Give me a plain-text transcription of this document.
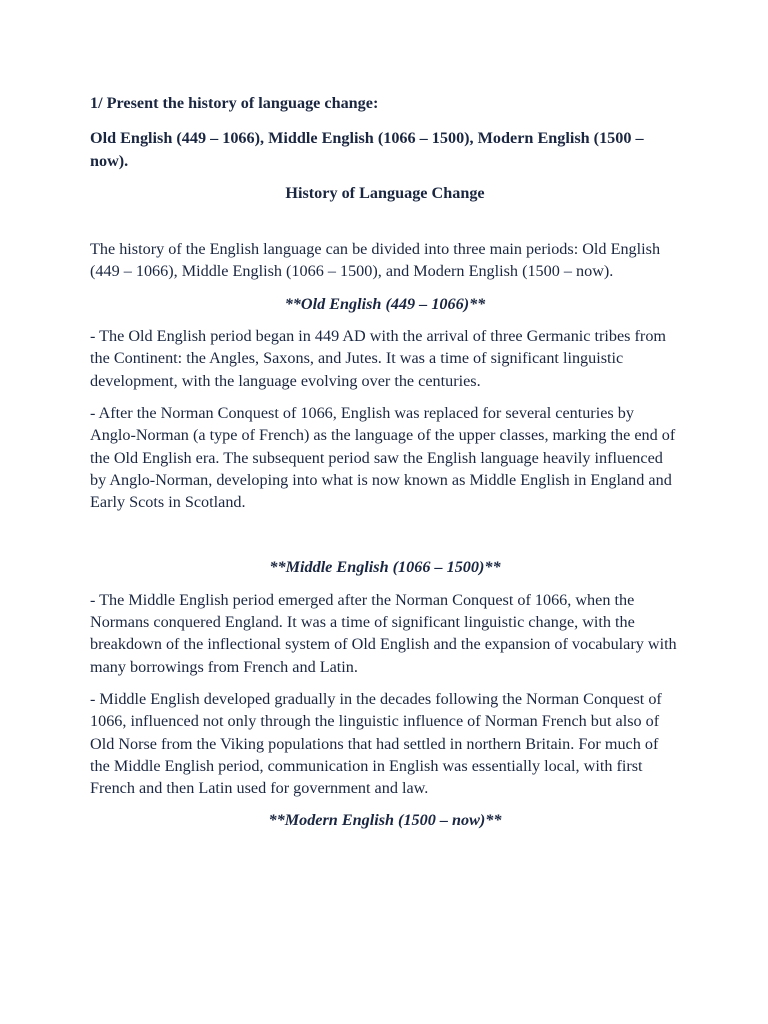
1/ Present the history of language change:

Old English (449 – 1066), Middle English (1066 – 1500), Modern English (1500 – now).

History of Language Change

The history of the English language can be divided into three main periods: Old English (449 – 1066), Middle English (1066 – 1500), and Modern English (1500 – now).

**Old English (449 – 1066)**

- The Old English period began in 449 AD with the arrival of three Germanic tribes from the Continent: the Angles, Saxons, and Jutes. It was a time of significant linguistic development, with the language evolving over the centuries.

- After the Norman Conquest of 1066, English was replaced for several centuries by Anglo-Norman (a type of French) as the language of the upper classes, marking the end of the Old English era. The subsequent period saw the English language heavily influenced by Anglo-Norman, developing into what is now known as Middle English in England and Early Scots in Scotland.

**Middle English (1066 – 1500)**

- The Middle English period emerged after the Norman Conquest of 1066, when the Normans conquered England. It was a time of significant linguistic change, with the breakdown of the inflectional system of Old English and the expansion of vocabulary with many borrowings from French and Latin.

- Middle English developed gradually in the decades following the Norman Conquest of 1066, influenced not only through the linguistic influence of Norman French but also of Old Norse from the Viking populations that had settled in northern Britain. For much of the Middle English period, communication in English was essentially local, with first French and then Latin used for government and law.

**Modern English (1500 – now)**
